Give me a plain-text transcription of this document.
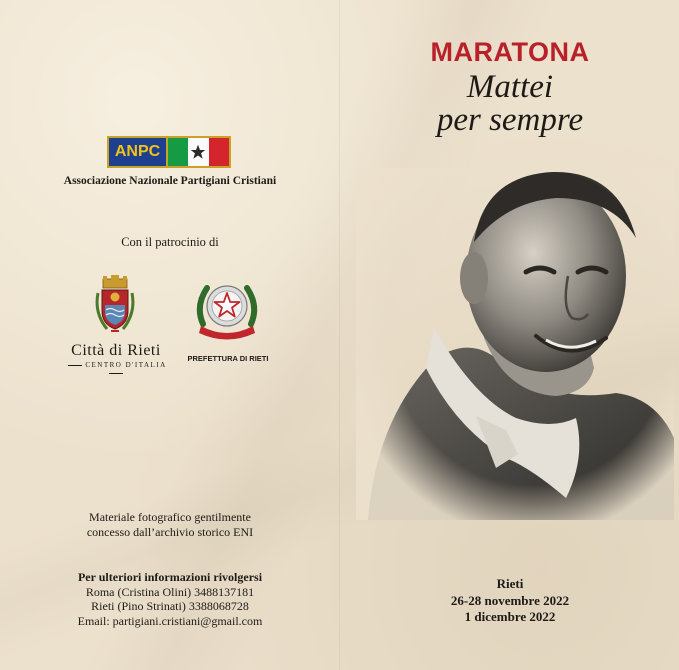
ANPC
Associazione Nazionale Partigiani Cristiani
Con il patrocinio di
Città di Rieti
CENTRO D'ITALIA
PREFETTURA DI RIETI
Materiale fotografico gentilmente
concesso dall’archivio storico ENI
Per ulteriori informazioni rivolgersi
Roma (Cristina Olini) 3488137181
Rieti (Pino Strinati) 3388068728
Email: partigiani.cristiani@gmail.com
MARATONA
Mattei
per sempre
Rieti
26-28 novembre 2022
1 dicembre 2022
